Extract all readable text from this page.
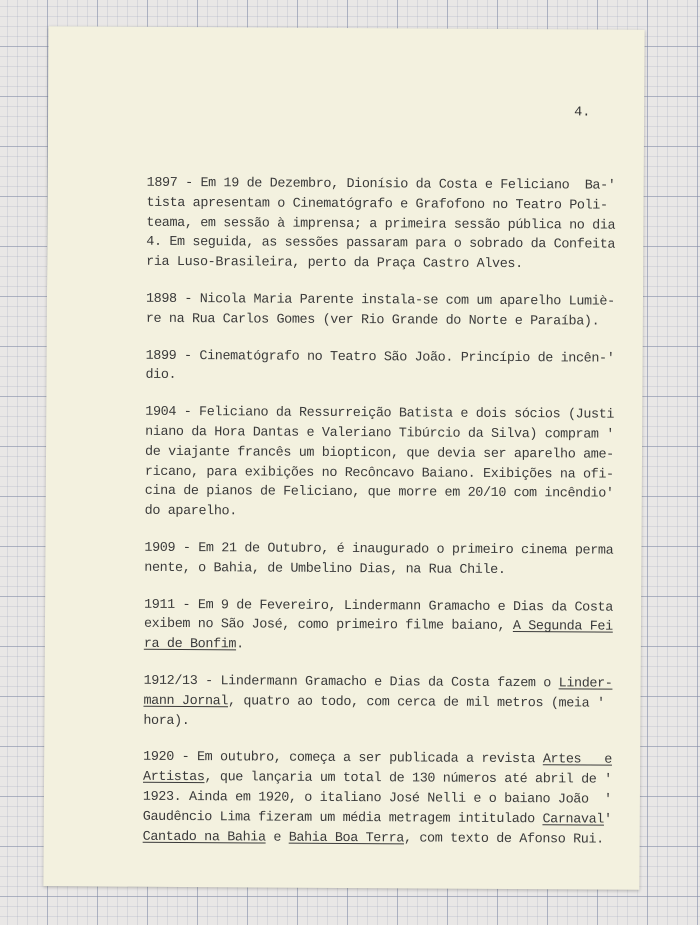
4.
1897 - Em 19 de Dezembro, Dionísio da Costa e Feliciano  Ba-'
tista apresentam o Cinematógrafo e Grafofono no Teatro Poli-
teama, em sessão à imprensa; a primeira sessão pública no dia
4. Em seguida, as sessões passaram para o sobrado da Confeita
ria Luso-Brasileira, perto da Praça Castro Alves.
1898 - Nicola Maria Parente instala-se com um aparelho Lumiè-
re na Rua Carlos Gomes (ver Rio Grande do Norte e Paraíba).
1899 - Cinematógrafo no Teatro São João. Princípio de incên-'
dio.
1904 - Feliciano da Ressurreição Batista e dois sócios (Justi
niano da Hora Dantas e Valeriano Tibúrcio da Silva) compram '
de viajante francês um biopticon, que devia ser aparelho ame-
ricano, para exibições no Recôncavo Baiano. Exibições na ofi-
cina de pianos de Feliciano, que morre em 20/10 com incêndio'
do aparelho.
1909 - Em 21 de Outubro, é inaugurado o primeiro cinema perma
nente, o Bahia, de Umbelino Dias, na Rua Chile.
1911 - Em 9 de Fevereiro, Lindermann Gramacho e Dias da Costa
exibem no São José, como primeiro filme baiano, A Segunda Fei
ra de Bonfim.
1912/13 - Lindermann Gramacho e Dias da Costa fazem o Linder-
mann Jornal, quatro ao todo, com cerca de mil metros (meia '
hora).
1920 - Em outubro, começa a ser publicada a revista Artes   e
Artistas, que lançaria um total de 130 números até abril de '
1923. Ainda em 1920, o italiano José Nelli e o baiano João  '
Gaudêncio Lima fizeram um média metragem intitulado Carnaval'
Cantado na Bahia e Bahia Boa Terra, com texto de Afonso Rui.
